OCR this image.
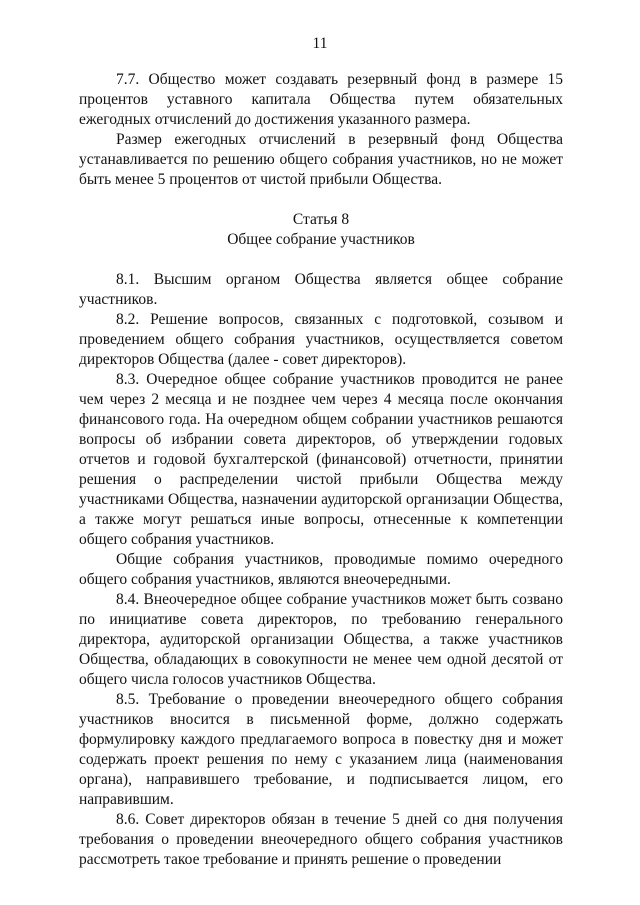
11

7.7. Общество может создавать резервный фонд в размере 15 процентов уставного капитала Общества путем обязательных ежегодных отчислений до достижения указанного размера.

Размер ежегодных отчислений в резервный фонд Общества устанавливается по решению общего собрания участников, но не может быть менее 5 процентов от чистой прибыли Общества.

Статья 8

Общее собрание участников

8.1. Высшим органом Общества является общее собрание участников.

8.2. Решение вопросов, связанных с подготовкой, созывом и проведением общего собрания участников, осуществляется советом директоров Общества (далее - совет директоров).

8.3. Очередное общее собрание участников проводится не ранее чем через 2 месяца и не позднее чем через 4 месяца после окончания финансового года. На очередном общем собрании участников решаются вопросы об избрании совета директоров, об утверждении годовых отчетов и годовой бухгалтерской (финансовой) отчетности, принятии решения о распределении чистой прибыли Общества между участниками Общества, назначении аудиторской организации Общества, а также могут решаться иные вопросы, отнесенные к компетенции общего собрания участников.

Общие собрания участников, проводимые помимо очередного общего собрания участников, являются внеочередными.

8.4. Внеочередное общее собрание участников может быть созвано по инициативе совета директоров, по требованию генерального директора, аудиторской организации Общества, а также участников Общества, обладающих в совокупности не менее чем одной десятой от общего числа голосов участников Общества.

8.5. Требование о проведении внеочередного общего собрания участников вносится в письменной форме, должно содержать формулировку каждого предлагаемого вопроса в повестку дня и может содержать проект решения по нему с указанием лица (наименования органа), направившего требование, и подписывается лицом, его направившим.

8.6. Совет директоров обязан в течение 5 дней со дня получения требования о проведении внеочередного общего собрания участников рассмотреть такое требование и принять решение о проведении
